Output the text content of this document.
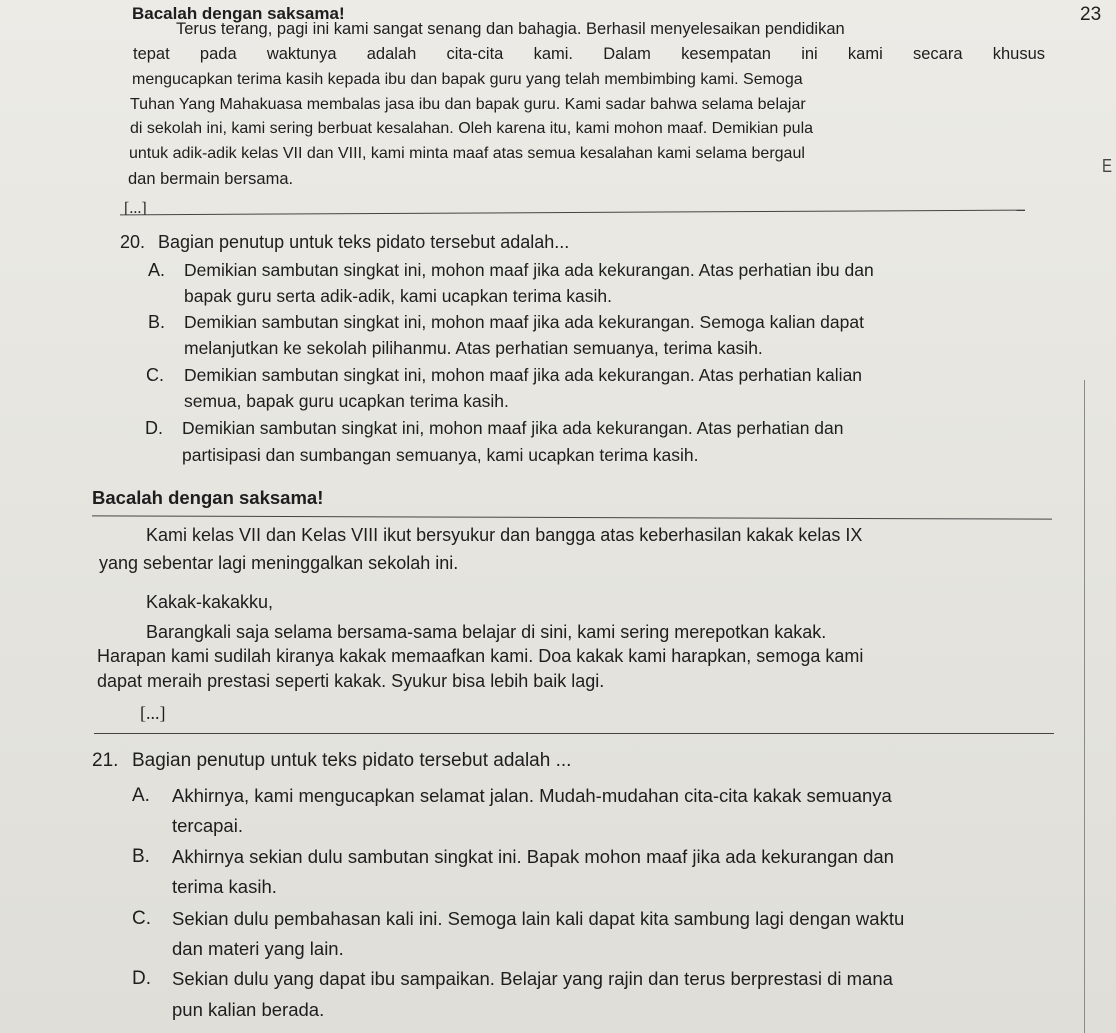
23
E
Bacalah dengan saksama!
Terus terang, pagi ini kami sangat senang dan bahagia. Berhasil menyelesaikan pendidikan
tepat pada waktunya adalah cita-cita kami. Dalam kesempatan ini kami secara khusus
mengucapkan terima kasih kepada ibu dan bapak guru yang telah membimbing kami. Semoga
Tuhan Yang Mahakuasa membalas jasa ibu dan bapak guru. Kami sadar bahwa selama belajar
di sekolah ini, kami sering berbuat kesalahan. Oleh karena itu, kami mohon maaf. Demikian pula
untuk adik-adik kelas VII dan VIII, kami minta maaf atas semua kesalahan kami selama bergaul
dan bermain bersama.
[...]
20. Bagian penutup untuk teks pidato tersebut adalah...
A. Demikian sambutan singkat ini, mohon maaf jika ada kekurangan. Atas perhatian ibu dan
bapak guru serta adik-adik, kami ucapkan terima kasih.
B. Demikian sambutan singkat ini, mohon maaf jika ada kekurangan. Semoga kalian dapat
melanjutkan ke sekolah pilihanmu. Atas perhatian semuanya, terima kasih.
C. Demikian sambutan singkat ini, mohon maaf jika ada kekurangan. Atas perhatian kalian
semua, bapak guru ucapkan terima kasih.
D. Demikian sambutan singkat ini, mohon maaf jika ada kekurangan. Atas perhatian dan
partisipasi dan sumbangan semuanya, kami ucapkan terima kasih.
Bacalah dengan saksama!
Kami kelas VII dan Kelas VIII ikut bersyukur dan bangga atas keberhasilan kakak kelas IX
yang sebentar lagi meninggalkan sekolah ini.
Kakak-kakakku,
Barangkali saja selama bersama-sama belajar di sini, kami sering merepotkan kakak.
Harapan kami sudilah kiranya kakak memaafkan kami. Doa kakak kami harapkan, semoga kami
dapat meraih prestasi seperti kakak. Syukur bisa lebih baik lagi.
[...]
21. Bagian penutup untuk teks pidato tersebut adalah ...
A. Akhirnya, kami mengucapkan selamat jalan. Mudah-mudahan cita-cita kakak semuanya
tercapai.
B. Akhirnya sekian dulu sambutan singkat ini. Bapak mohon maaf jika ada kekurangan dan
terima kasih.
C. Sekian dulu pembahasan kali ini. Semoga lain kali dapat kita sambung lagi dengan waktu
dan materi yang lain.
D. Sekian dulu yang dapat ibu sampaikan. Belajar yang rajin dan terus berprestasi di mana
pun kalian berada.
